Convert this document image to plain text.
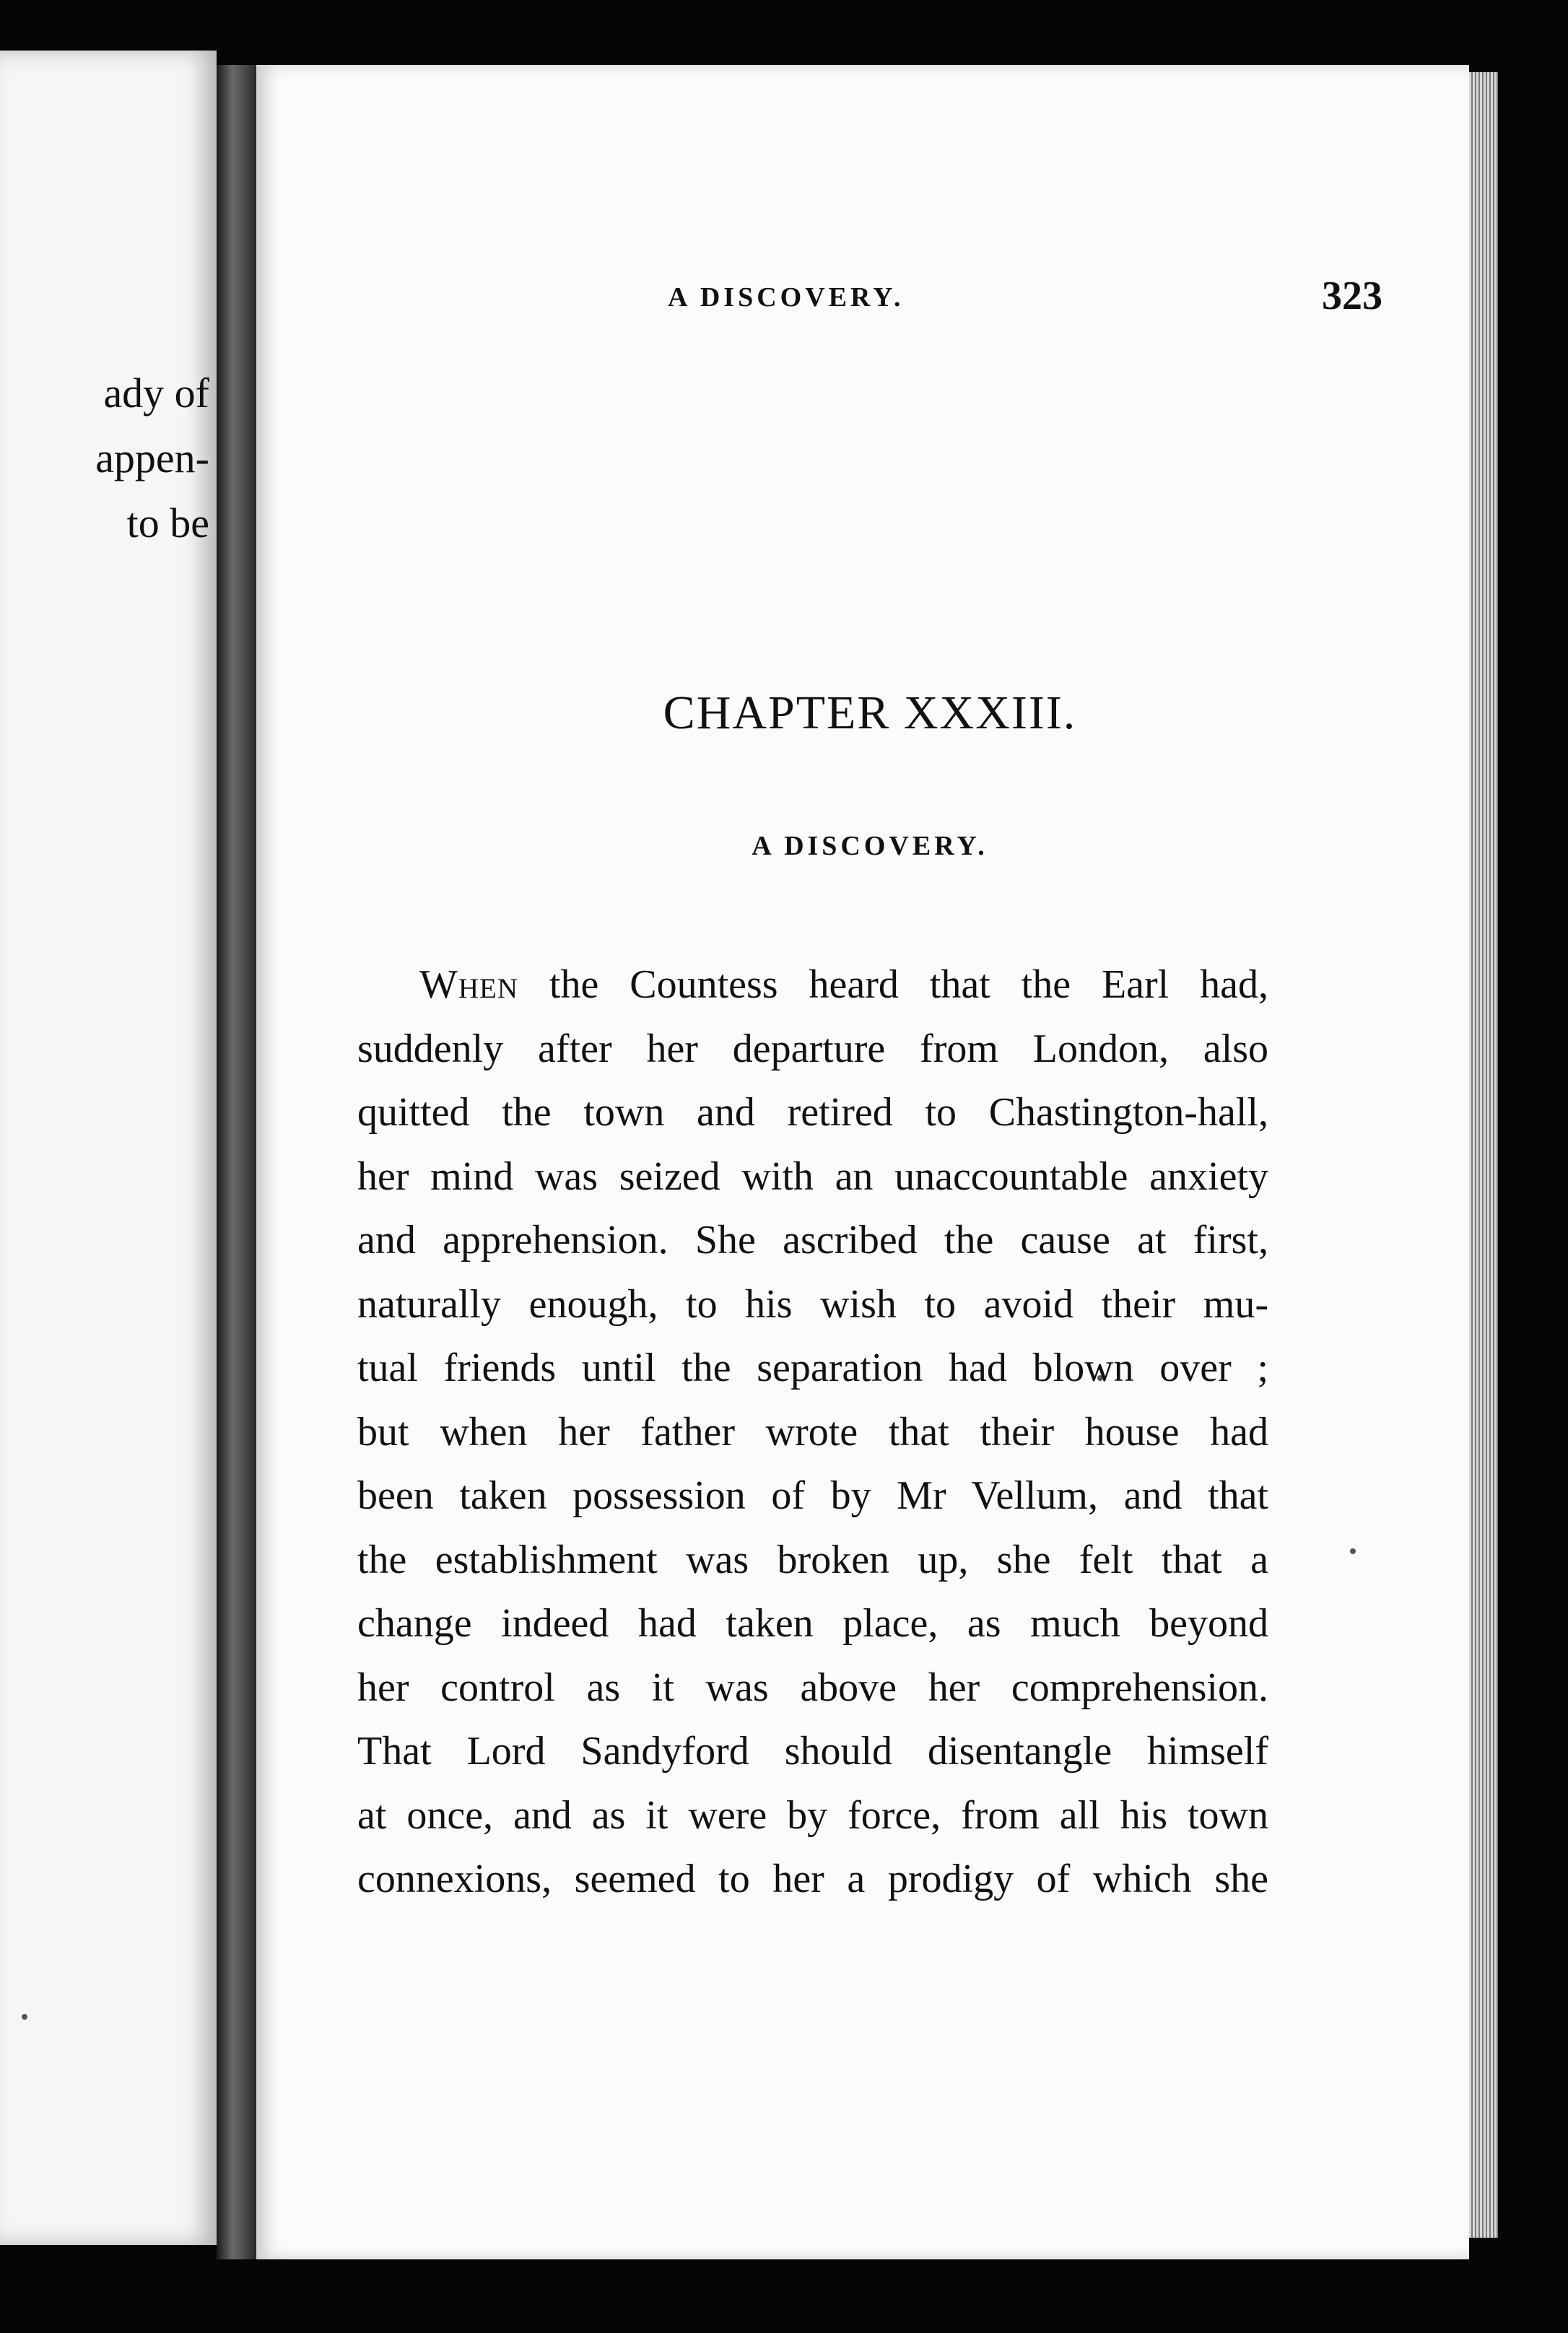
ady of
appen-
to be
A DISCOVERY.	323
CHAPTER XXXIII.
A DISCOVERY.
When the Countess heard that the Earl had,
suddenly after her departure from London, also
quitted the town and retired to Chastington-hall,
her mind was seized with an unaccountable anxiety
and apprehension. She ascribed the cause at first,
naturally enough, to his wish to avoid their mu-
tual friends until the separation had blown over ;
but when her father wrote that their house had
been taken possession of by Mr Vellum, and that
the establishment was broken up, she felt that a
change indeed had taken place, as much beyond
her control as it was above her comprehension.
That Lord Sandyford should disentangle himself
at once, and as it were by force, from all his town
connexions, seemed to her a prodigy of which she
